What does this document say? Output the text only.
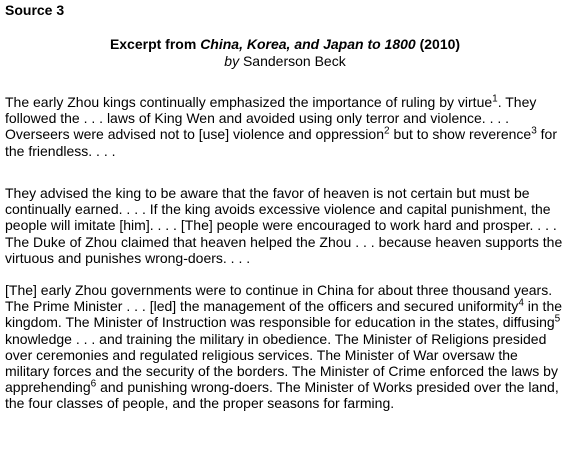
Source 3
Excerpt from China, Korea, and Japan to 1800 (2010)
by Sanderson Beck

The early Zhou kings continually emphasized the importance of ruling by virtue$^1$. They followed the . . . laws of King Wen and avoided using only terror and violence. . . . Overseers were advised not to [use] violence and oppression$^2$ but to show reverence$^3$ for the friendless. . . .

They advised the king to be aware that the favor of heaven is not certain but must be continually earned. . . . If the king avoids excessive violence and capital punishment, the people will imitate [him]. . . . [The] people were encouraged to work hard and prosper. . . . The Duke of Zhou claimed that heaven helped the Zhou . . . because heaven supports the virtuous and punishes wrong-doers. . . .

[The] early Zhou governments were to continue in China for about three thousand years. The Prime Minister . . . [led] the management of the officers and secured uniformity$^4$ in the kingdom. The Minister of Instruction was responsible for education in the states, diffusing$^5$ knowledge . . . and training the military in obedience. The Minister of Religions presided over ceremonies and regulated religious services. The Minister of War oversaw the military forces and the security of the borders. The Minister of Crime enforced the laws by apprehending$^6$ and punishing wrong-doers. The Minister of Works presided over the land, the four classes of people, and the proper seasons for farming.
